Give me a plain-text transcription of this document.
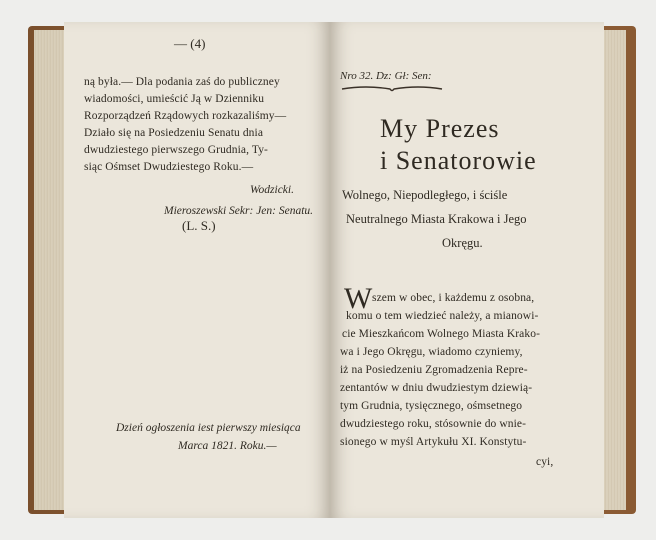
— (4)
ną była.— Dla podania zaś do publiczney
wiadomości, umieścić Ją w Dzienniku
Rozporządzeń Rządowych rozkazaliśmy—
Działo się na Posiedzeniu Senatu dnia
dwudziestego pierwszego Grudnia, Ty-
siąc Ośmset Dwudziestego Roku.—
Wodzicki.
Mieroszewski Sekr: Jen: Senatu.
(L. S.)
Dzień ogłoszenia iest pierwszy miesiąca
Marca 1821. Roku.—
Nro 32. Dz: Gł: Sen:
My Prezes
i Senatorowie
Wolnego, Niepodległego, i ściśle
Neutralnego Miasta Krakowa i Jego
Okręgu.
W szem w obec, i każdemu z osobna,
komu o tem wiedzieć należy, a mianowi-
cie Mieszkańcom Wolnego Miasta Krako-
wa i Jego Okręgu, wiadomo czyniemy,
iż na Posiedzeniu Zgromadzenia Repre-
zentantów w dniu dwudziestym dziewią-
tym Grudnia, tysięcznego, ośmsetnego
dwudziestego roku, stósownie do wnie-
sionego w myśl Artykułu XI. Konstytu-
cyi,
